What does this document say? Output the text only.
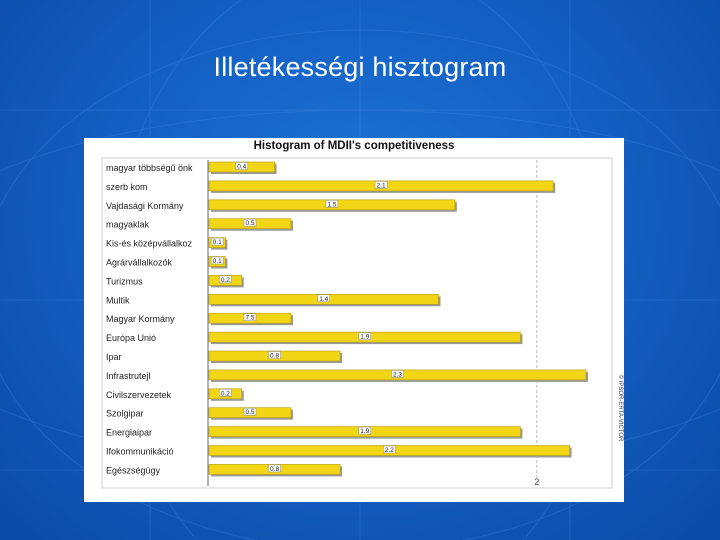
Illetékességi hisztogram
Histogram of MDII's competitiveness
2
magyar többségű önk	0.4
szerb kom	2.1
Vajdasági Kormány	1.5
magyaklak	0.5
Kis-és középvállalkoz	0.1
Agrárvállalkozók	0.1
Turizmus	0.2
Multik	1.4
Magyar Kormány	7.5
Európa Unió	1.9
Ipar	0.8
Infrastrutejl	2.3
Civilszervezetek	0.2
Szolgipar	0.5
Energiaipar	1.9
Ifokommunikáció	2.2
Egészségügy	0.8
© IPSOR-ERTA-VICTOR
